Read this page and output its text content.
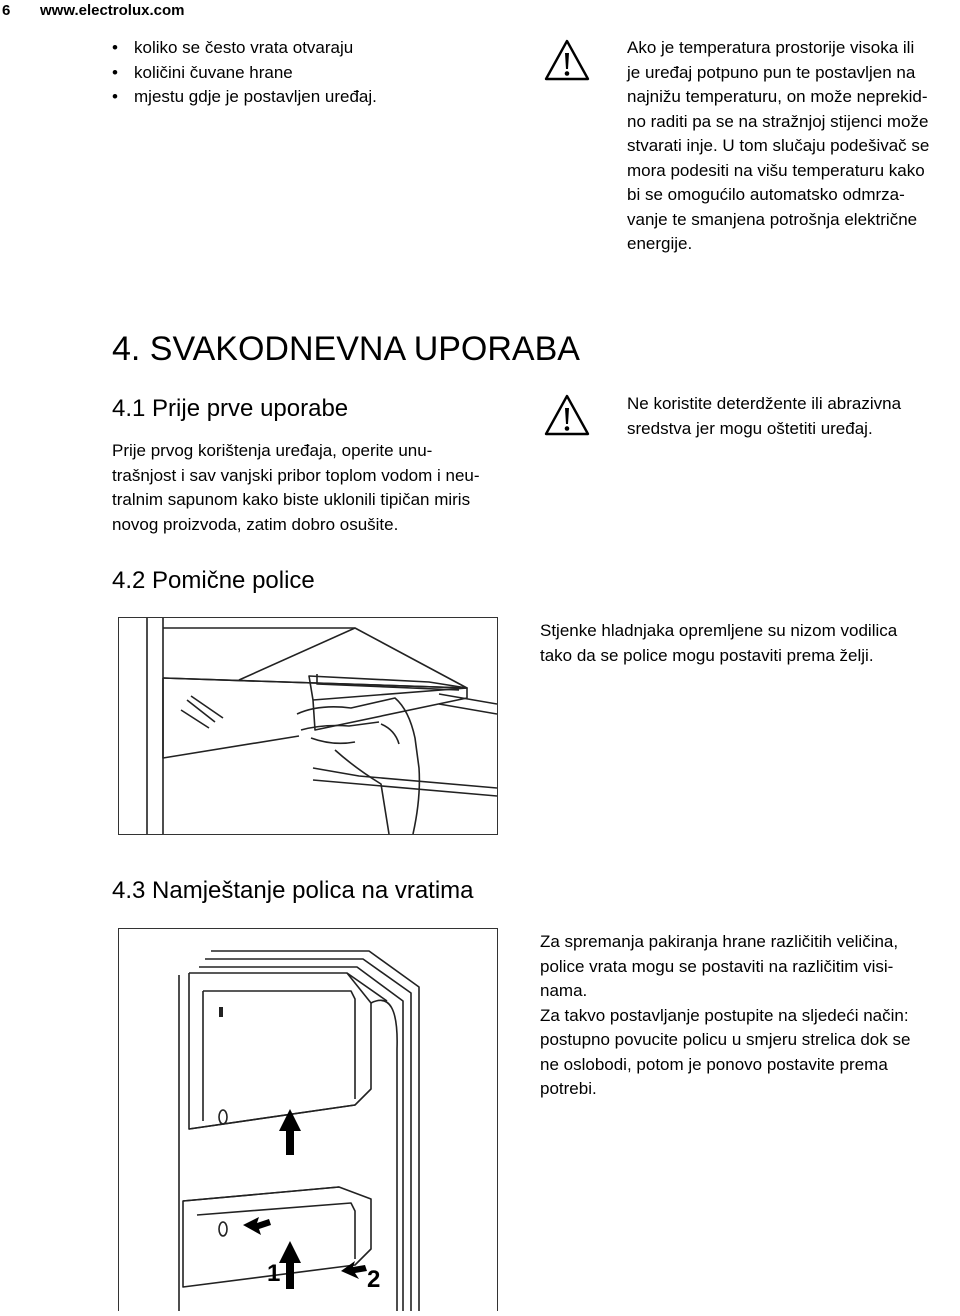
6 www.electrolux.com
• koliko se često vrata otvaraju
• količini čuvane hrane
• mjestu gdje je postavljen uređaj.
Ako je temperatura prostorije visoka ili
je uređaj potpuno pun te postavljen na
najnižu temperaturu, on može neprekid-
no raditi pa se na stražnjoj stijenci može
stvarati inje. U tom slučaju podešivač se
mora podesiti na višu temperaturu kako
bi se omogućilo automatsko odmrza-
vanje te smanjena potrošnja električne
energije.
4. SVAKODNEVNA UPORABA
4.1 Prije prve uporabe
Prije prvog korištenja uređaja, operite unu-
trašnjost i sav vanjski pribor toplom vodom i neu-
tralnim sapunom kako biste uklonili tipičan miris
novog proizvoda, zatim dobro osušite.
Ne koristite deterdžente ili abrazivna
sredstva jer mogu oštetiti uređaj.
4.2 Pomične police
Stjenke hladnjaka opremljene su nizom vodilica
tako da se police mogu postaviti prema želji.
4.3 Namještanje polica na vratima
1	2
Za spremanja pakiranja hrane različitih veličina,
police vrata mogu se postaviti na različitim visi-
nama.
Za takvo postavljanje postupite na sljedeći način:
postupno povucite policu u smjeru strelica dok se
ne oslobodi, potom je ponovo postavite prema
potrebi.
